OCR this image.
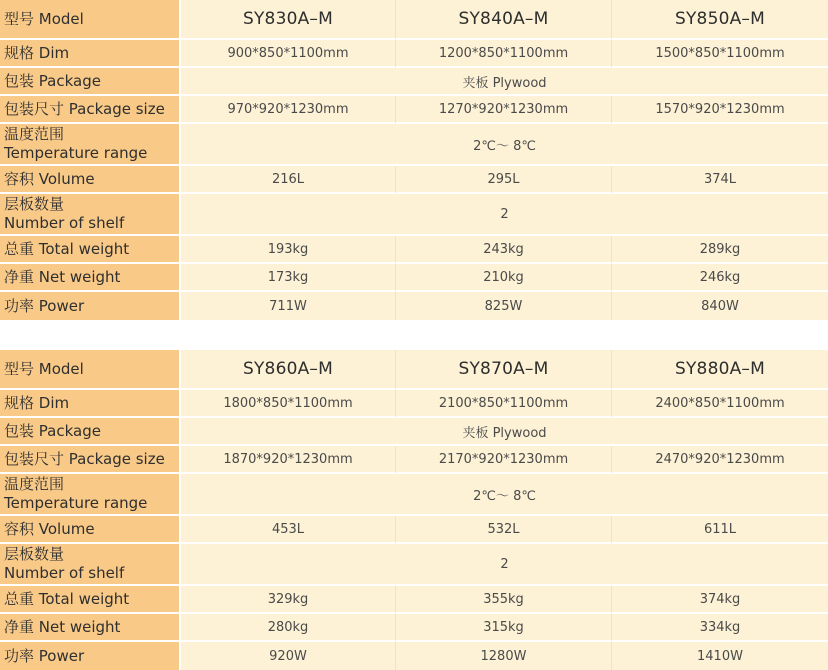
型号 Model	SY830A–M	SY840A–M	SY850A–M
规格 Dim	900*850*1100mm	1200*850*1100mm	1500*850*1100mm
包装 Package	夹板 Plywood		
包装尺寸 Package size	970*920*1230mm	1270*920*1230mm	1570*920*1230mm

温度范围
Temperature range	2℃～ 8℃		
容积 Volume	216L	295L	374L

层板数量
Number of shelf	2		
总重 Total weight	193kg	243kg	289kg
净重 Net weight	173kg	210kg	246kg
功率 Power	711W	825W	840W
型号 Model	SY860A–M	SY870A–M	SY880A–M
规格 Dim	1800*850*1100mm	2100*850*1100mm	2400*850*1100mm
包装 Package	夹板 Plywood		
包装尺寸 Package size	1870*920*1230mm	2170*920*1230mm	2470*920*1230mm

温度范围
Temperature range	2℃～ 8℃		
容积 Volume	453L	532L	611L

层板数量
Number of shelf	2		
总重 Total weight	329kg	355kg	374kg
净重 Net weight	280kg	315kg	334kg
功率 Power	920W	1280W	1410W
